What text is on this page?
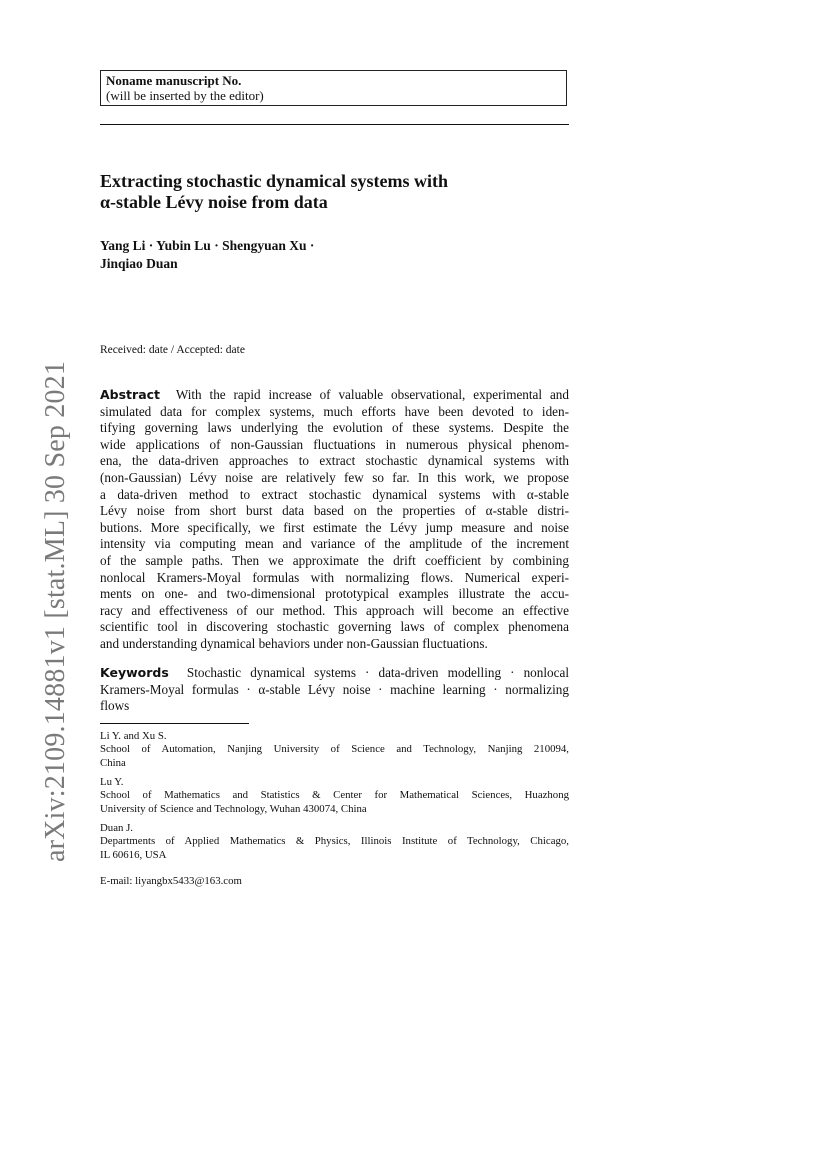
arXiv:2109.14881v1 [stat.ML] 30 Sep 2021
Noname manuscript No.
(will be inserted by the editor)
Extracting stochastic dynamical systems with
α-stable Lévy noise from data
Yang Li · Yubin Lu · Shengyuan Xu ·
Jinqiao Duan
Received: date / Accepted: date
Abstract With the rapid increase of valuable observational, experimental and
simulated data for complex systems, much efforts have been devoted to iden-
tifying governing laws underlying the evolution of these systems. Despite the
wide applications of non-Gaussian fluctuations in numerous physical phenom-
ena, the data-driven approaches to extract stochastic dynamical systems with
(non-Gaussian) Lévy noise are relatively few so far. In this work, we propose
a data-driven method to extract stochastic dynamical systems with α-stable
Lévy noise from short burst data based on the properties of α-stable distri-
butions. More specifically, we first estimate the Lévy jump measure and noise
intensity via computing mean and variance of the amplitude of the increment
of the sample paths. Then we approximate the drift coefficient by combining
nonlocal Kramers-Moyal formulas with normalizing flows. Numerical experi-
ments on one- and two-dimensional prototypical examples illustrate the accu-
racy and effectiveness of our method. This approach will become an effective
scientific tool in discovering stochastic governing laws of complex phenomena
and understanding dynamical behaviors under non-Gaussian fluctuations.
Keywords Stochastic dynamical systems · data-driven modelling · nonlocal
Kramers-Moyal formulas · α-stable Lévy noise · machine learning · normalizing
flows
Li Y. and Xu S.
School of Automation, Nanjing University of Science and Technology, Nanjing 210094,
China
Lu Y.
School of Mathematics and Statistics & Center for Mathematical Sciences, Huazhong
University of Science and Technology, Wuhan 430074, China
Duan J.
Departments of Applied Mathematics & Physics, Illinois Institute of Technology, Chicago,
IL 60616, USA
E-mail: liyangbx5433@163.com
